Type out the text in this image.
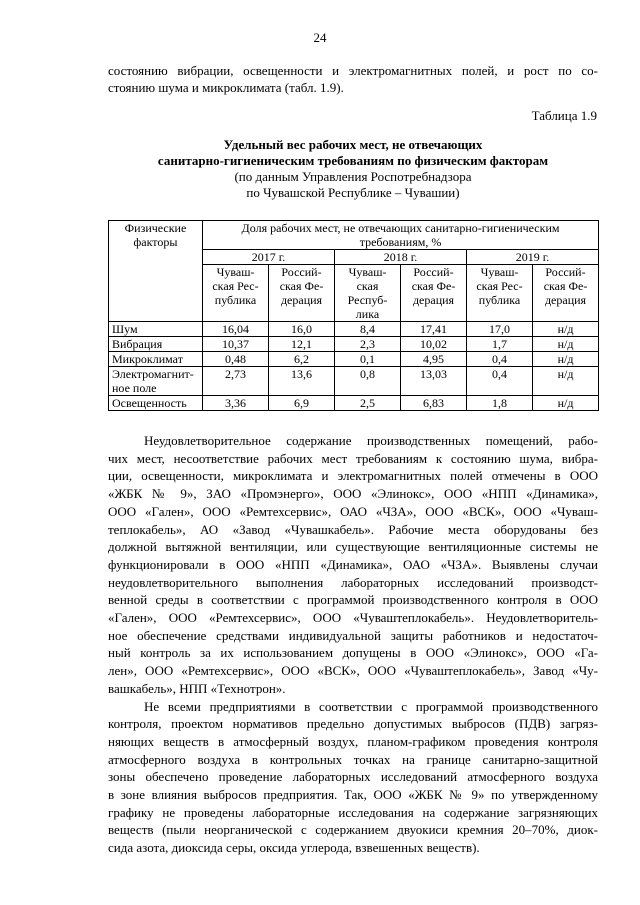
24
состоянию вибрации, освещенности и электромагнитных полей, и рост по со-
стоянию шума и микроклимата (табл. 1.9).
Таблица 1.9
Удельный вес рабочих мест, не отвечающих
санитарно-гигиеническим требованиям по физическим факторам
(по данным Управления Роспотребнадзора
по Чувашской Республике – Чувашии)
Физические факторы	Доля рабочих мест, не отвечающих санитарно-гигиеническим требованиям, %					
	2017 г.		2018 г.		2019 г.	
	Чуваш-ская Рес-публика	Россий-ская Фе-дерация	Чуваш-ская Респуб-лика	Россий-ская Фе-дерация	Чуваш-ская Рес-публика	Россий-ская Фе-дерация
Шум	16,04	16,0	8,4	17,41	17,0	н/д
Вибрация	10,37	12,1	2,3	10,02	1,7	н/д
Микроклимат	0,48	6,2	0,1	4,95	0,4	н/д
Электромагнит-ное поле	2,73	13,6	0,8	13,03	0,4	н/д
Освещенность	3,36	6,9	2,5	6,83	1,8	н/д
Неудовлетворительное содержание производственных помещений, рабо-
чих мест, несоответствие рабочих мест требованиям к состоянию шума, вибра-
ции, освещенности, микроклимата и электромагнитных полей отмечены в ООО
«ЖБК № 9», ЗАО «Промэнерго», ООО «Элинокс», ООО «НПП «Динамика»,
ООО «Гален», ООО «Ремтехсервис», ОАО «ЧЗА», ООО «ВСК», ООО «Чуваш-
теплокабель», АО «Завод «Чувашкабель». Рабочие места оборудованы без
должной вытяжной вентиляции, или существующие вентиляционные системы не
функционировали в ООО «НПП «Динамика», ОАО «ЧЗА». Выявлены случаи
неудовлетворительного выполнения лабораторных исследований производст-
венной среды в соответствии с программой производственного контроля в ООО
«Гален», ООО «Ремтехсервис», ООО «Чуваштеплокабель». Неудовлетворитель-
ное обеспечение средствами индивидуальной защиты работников и недостаточ-
ный контроль за их использованием допущены в ООО «Элинокс», ООО «Га-
лен», ООО «Ремтехсервис», ООО «ВСК», ООО «Чуваштеплокабель», Завод «Чу-
вашкабель», НПП «Технотрон».
Не всеми предприятиями в соответствии с программой производственного
контроля, проектом нормативов предельно допустимых выбросов (ПДВ) загряз-
няющих веществ в атмосферный воздух, планом-графиком проведения контроля
атмосферного воздуха в контрольных точках на границе санитарно-защитной
зоны обеспечено проведение лабораторных исследований атмосферного воздуха
в зоне влияния выбросов предприятия. Так, ООО «ЖБК № 9» по утвержденному
графику не проведены лабораторные исследования на содержание загрязняющих
веществ (пыли неорганической с содержанием двуокиси кремния 20–70%, диок-
сида азота, диоксида серы, оксида углерода, взвешенных веществ).
